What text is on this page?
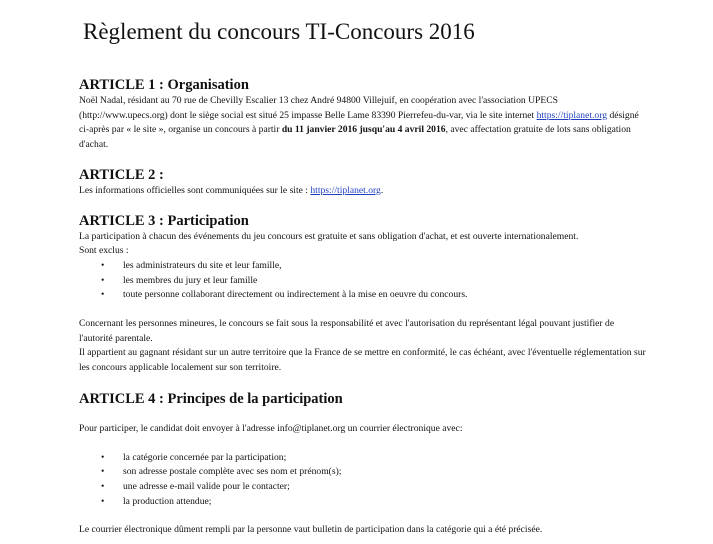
Règlement du concours TI-Concours 2016
ARTICLE 1 : Organisation

Noël Nadal, résidant au 70 rue de Chevilly Escalier 13 chez André 94800 Villejuif, en coopération avec l'association UPECS (http://www.upecs.org) dont le siège social est situé 25 impasse Belle Lame 83390 Pierrefeu-du-var, via le site internet https://tiplanet.org désigné ci-après par « le site », organise un concours à partir du 11 janvier 2016 jusqu'au 4 avril 2016, avec affectation gratuite de lots sans obligation d'achat.

ARTICLE 2 :

Les informations officielles sont communiquées sur le site : https://tiplanet.org.

ARTICLE 3 : Participation

La participation à chacun des événements du jeu concours est gratuite et sans obligation d'achat, et est ouverte internationalement.

Sont exclus :

• les administrateurs du site et leur famille,
• les membres du jury et leur famille
• toute personne collaborant directement ou indirectement à la mise en oeuvre du concours.

Concernant les personnes mineures, le concours se fait sous la responsabilité et avec l'autorisation du représentant légal pouvant justifier de l'autorité parentale.

Il appartient au gagnant résidant sur un autre territoire que la France de se mettre en conformité, le cas échéant, avec l'éventuelle réglementation sur les concours applicable localement sur son territoire.

ARTICLE 4 : Principes de la participation

Pour participer, le candidat doit envoyer à l'adresse info@tiplanet.org un courrier électronique avec:

• la catégorie concernée par la participation;
• son adresse postale complète avec ses nom et prénom(s);
• une adresse e-mail valide pour le contacter;
• la production attendue;

Le courrier électronique dûment rempli par la personne vaut bulletin de participation dans la catégorie qui a été précisée.
